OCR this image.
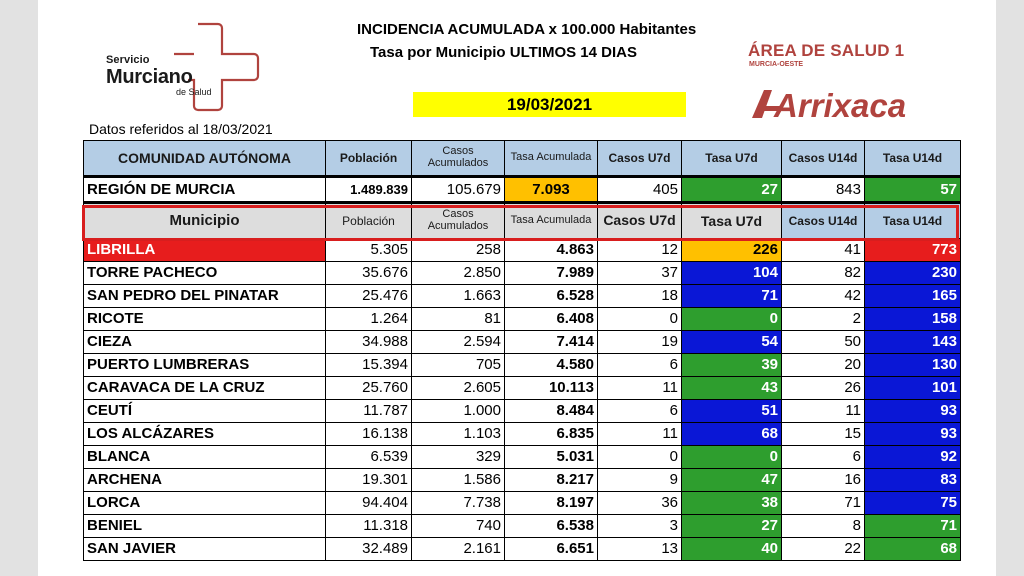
Servicio
Murciano
de Salud
INCIDENCIA ACUMULADA x 100.000 Habitantes
Tasa por Municipio ULTIMOS 14 DIAS
19/03/2021
ÁREA DE SALUD 1
MURCIA-OESTE
Arrixaca
Datos referidos al 18/03/2021
COMUNIDAD AUTÓNOMA	Población	Casos Acumulados	Tasa Acumulada	Casos U7d	Tasa U7d	Casos U14d	Tasa U14d
REGIÓN DE MURCIA	1.489.839	105.679	7.093	405	27	843	57
Municipio	Población	Casos Acumulados	Tasa Acumulada	Casos U7d	Tasa U7d	Casos U14d	Tasa U14d
LIBRILLA	5.305	258	4.863	12	226	41	773
TORRE PACHECO	35.676	2.850	7.989	37	104	82	230
SAN PEDRO DEL PINATAR	25.476	1.663	6.528	18	71	42	165
RICOTE	1.264	81	6.408	0	0	2	158
CIEZA	34.988	2.594	7.414	19	54	50	143
PUERTO LUMBRERAS	15.394	705	4.580	6	39	20	130
CARAVACA DE LA CRUZ	25.760	2.605	10.113	11	43	26	101
CEUTÍ	11.787	1.000	8.484	6	51	11	93
LOS ALCÁZARES	16.138	1.103	6.835	11	68	15	93
BLANCA	6.539	329	5.031	0	0	6	92
ARCHENA	19.301	1.586	8.217	9	47	16	83
LORCA	94.404	7.738	8.197	36	38	71	75
BENIEL	11.318	740	6.538	3	27	8	71
SAN JAVIER	32.489	2.161	6.651	13	40	22	68
